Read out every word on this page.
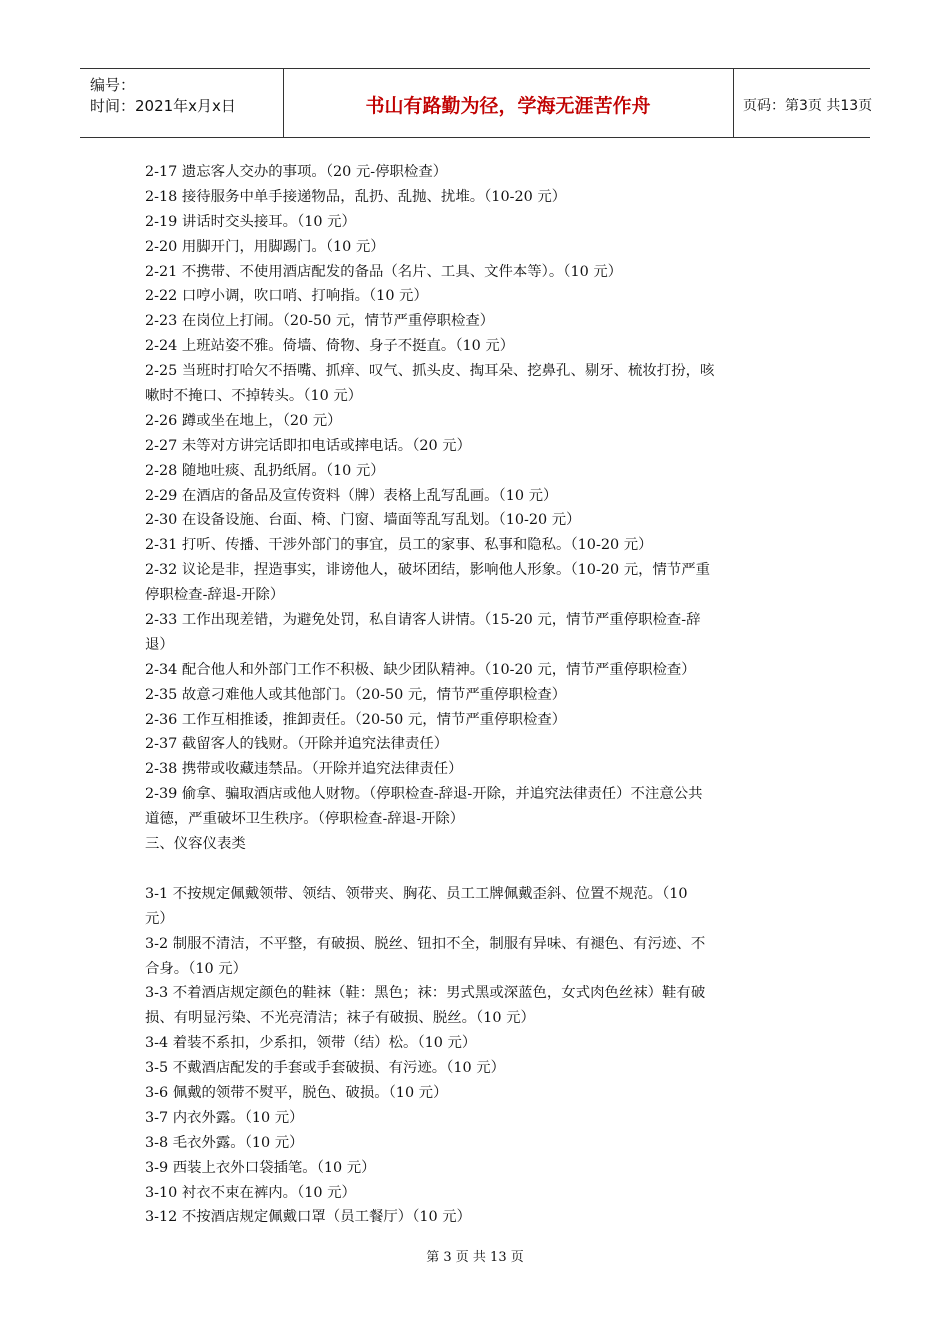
编号：
时间：2021年x月x日	书山有路勤为径，学海无涯苦作舟	页码：第3页 共13页
2-17 遗忘客人交办的事项。（20 元-停职检查）
2-18 接待服务中单手接递物品，乱扔、乱抛、扰堆。（10-20 元）
2-19 讲话时交头接耳。（10 元）
2-20 用脚开门，用脚踢门。（10 元）
2-21 不携带、不使用酒店配发的备品（名片、工具、文件本等）。（10 元）
2-22 口哼小调，吹口哨、打响指。（10 元）
2-23 在岗位上打闹。（20-50 元，情节严重停职检查）
2-24 上班站姿不雅。倚墙、倚物、身子不挺直。（10 元）
2-25 当班时打哈欠不捂嘴、抓痒、叹气、抓头皮、掏耳朵、挖鼻孔、剔牙、梳妆打扮，咳
嗽时不掩口、不掉转头。（10 元）
2-26 蹲或坐在地上，（20 元）
2-27 未等对方讲完话即扣电话或摔电话。（20 元）
2-28 随地吐痰、乱扔纸屑。（10 元）
2-29 在酒店的备品及宣传资料（牌）表格上乱写乱画。（10 元）
2-30 在设备设施、台面、椅、门窗、墙面等乱写乱划。（10-20 元）
2-31 打听、传播、干涉外部门的事宜，员工的家事、私事和隐私。（10-20 元）
2-32 议论是非，捏造事实，诽谤他人，破坏团结，影响他人形象。（10-20 元，情节严重
停职检查-辞退-开除）
2-33 工作出现差错，为避免处罚，私自请客人讲情。（15-20 元，情节严重停职检查-辞
退）
2-34 配合他人和外部门工作不积极、缺少团队精神。（10-20 元，情节严重停职检查）
2-35 故意刁难他人或其他部门。（20-50 元，情节严重停职检查）
2-36 工作互相推诿，推卸责任。（20-50 元，情节严重停职检查）
2-37 截留客人的钱财。（开除并追究法律责任）
2-38 携带或收藏违禁品。（开除并追究法律责任）
2-39 偷拿、骗取酒店或他人财物。（停职检查-辞退-开除，并追究法律责任）不注意公共
道德，严重破坏卫生秩序。（停职检查-辞退-开除）
三、仪容仪表类
3-1 不按规定佩戴领带、领结、领带夹、胸花、员工工牌佩戴歪斜、位置不规范。（10
元）
3-2 制服不清洁，不平整，有破损、脱丝、钮扣不全，制服有异味、有褪色、有污迹、不
合身。（10 元）
3-3 不着酒店规定颜色的鞋袜（鞋：黑色；袜：男式黑或深蓝色，女式肉色丝袜）鞋有破
损、有明显污染、不光亮清洁；袜子有破损、脱丝。（10 元）
3-4 着装不系扣，少系扣，领带（结）松。（10 元）
3-5 不戴酒店配发的手套或手套破损、有污迹。（10 元）
3-6 佩戴的领带不熨平，脱色、破损。（10 元）
3-7 内衣外露。（10 元）
3-8 毛衣外露。（10 元）
3-9 西装上衣外口袋插笔。（10 元）
3-10 衬衣不束在裤内。（10 元）
3-12 不按酒店规定佩戴口罩（员工餐厅）（10 元）
第 3 页 共 13 页
